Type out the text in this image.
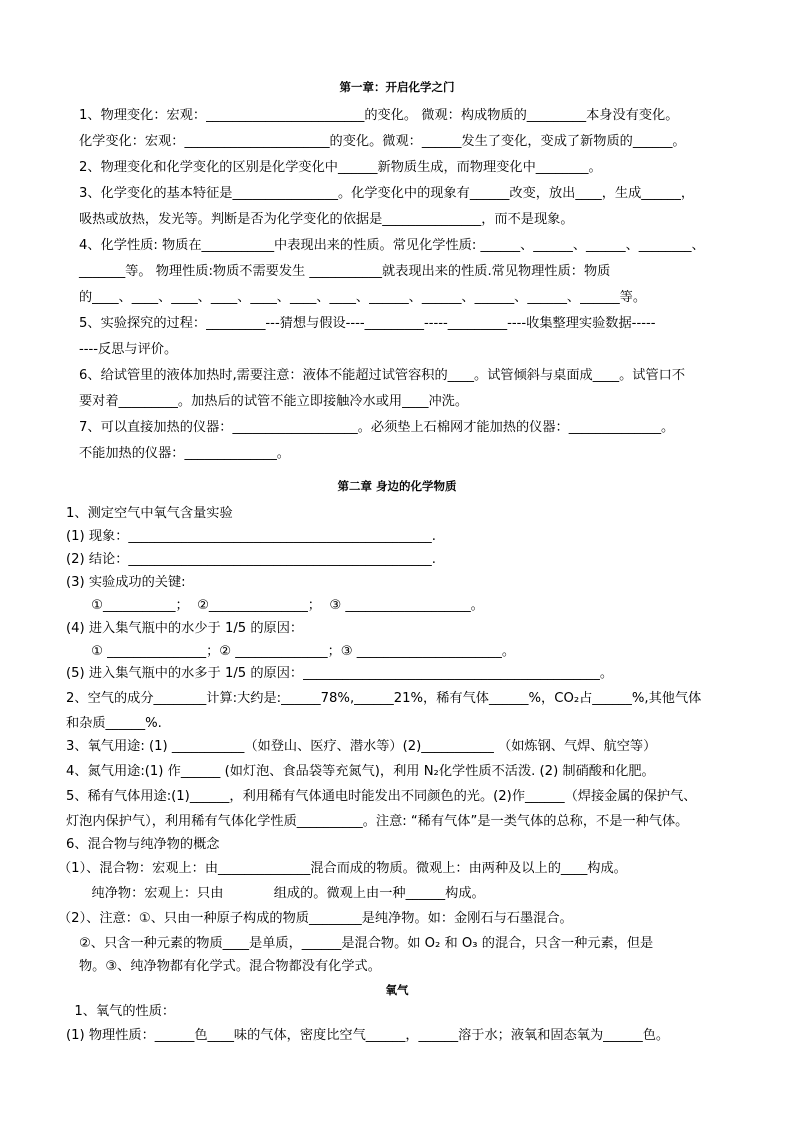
第一章：开启化学之门
1、物理变化：宏观：________________________的变化。 微观：构成物质的_________本身没有变化。
化学变化：宏观：______________________的变化。微观：______发生了变化，变成了新物质的______。
2、物理变化和化学变化的区别是化学变化中______新物质生成，而物理变化中________。
3、化学变化的基本特征是________________。化学变化中的现象有______改变，放出____，生成______，
吸热或放热，发光等。判断是否为化学变化的依据是_______________，而不是现象。
4、化学性质: 物质在___________中表现出来的性质。常见化学性质: ______、______、______、________、
_______等。 物理性质:物质不需要发生 ___________就表现出来的性质.常见物理性质：物质
的____、____、____、____、____、____、____、______、______、______、______、______等。
5、实验探究的过程：_________---猜想与假设----_________-----_________----收集整理实验数据-----
----反思与评价。
6、给试管里的液体加热时,需要注意：液体不能超过试管容积的____。试管倾斜与桌面成____。试管口不
要对着_________。加热后的试管不能立即接触冷水或用____冲洗。
7、可以直接加热的仪器：___________________。必须垫上石棉网才能加热的仪器：______________。
不能加热的仪器：______________。
第二章 身边的化学物质
1、测定空气中氧气含量实验
(1) 现象：______________________________________________.
(2) 结论：______________________________________________.
(3) 实验成功的关键:
①___________；  ②_______________；  ③ ___________________。
(4) 进入集气瓶中的水少于 1/5 的原因：
① _______________；② ______________；③ ______________________。
(5) 进入集气瓶中的水多于 1/5 的原因：_____________________________________________。
2、空气的成分________计算:大约是:______78%,______21%，稀有气体______%，CO₂占______%,其他气体
和杂质______%.
3、氧气用途: (1) ___________（如登山、医疗、潜水等）(2)___________ （如炼钢、气焊、航空等）
4、氮气用途:(1) 作______ (如灯泡、食品袋等充氮气)，利用 N₂化学性质不活泼. (2) 制硝酸和化肥。
5、稀有气体用途:(1)______，利用稀有气体通电时能发出不同颜色的光。(2)作______（焊接金属的保护气、
灯泡内保护气），利用稀有气体化学性质__________。注意: “稀有气体”是一类气体的总称，不是一种气体。
6、混合物与纯净物的概念
（1）、混合物：宏观上：由______________混合而成的物质。微观上：由两种及以上的____构成。
纯净物：宏观上：只由            组成的。微观上由一种______构成。
（2）、注意：①、只由一种原子构成的物质________是纯净物。如：金刚石与石墨混合。
②、只含一种元素的物质____是单质，______是混合物。如 O₂ 和 O₃ 的混合，只含一种元素，但是
物。③、纯净物都有化学式。混合物都没有化学式。
氧气
1、氧气的性质：
(1) 物理性质：______色____味的气体，密度比空气______，______溶于水；液氧和固态氧为______色。
